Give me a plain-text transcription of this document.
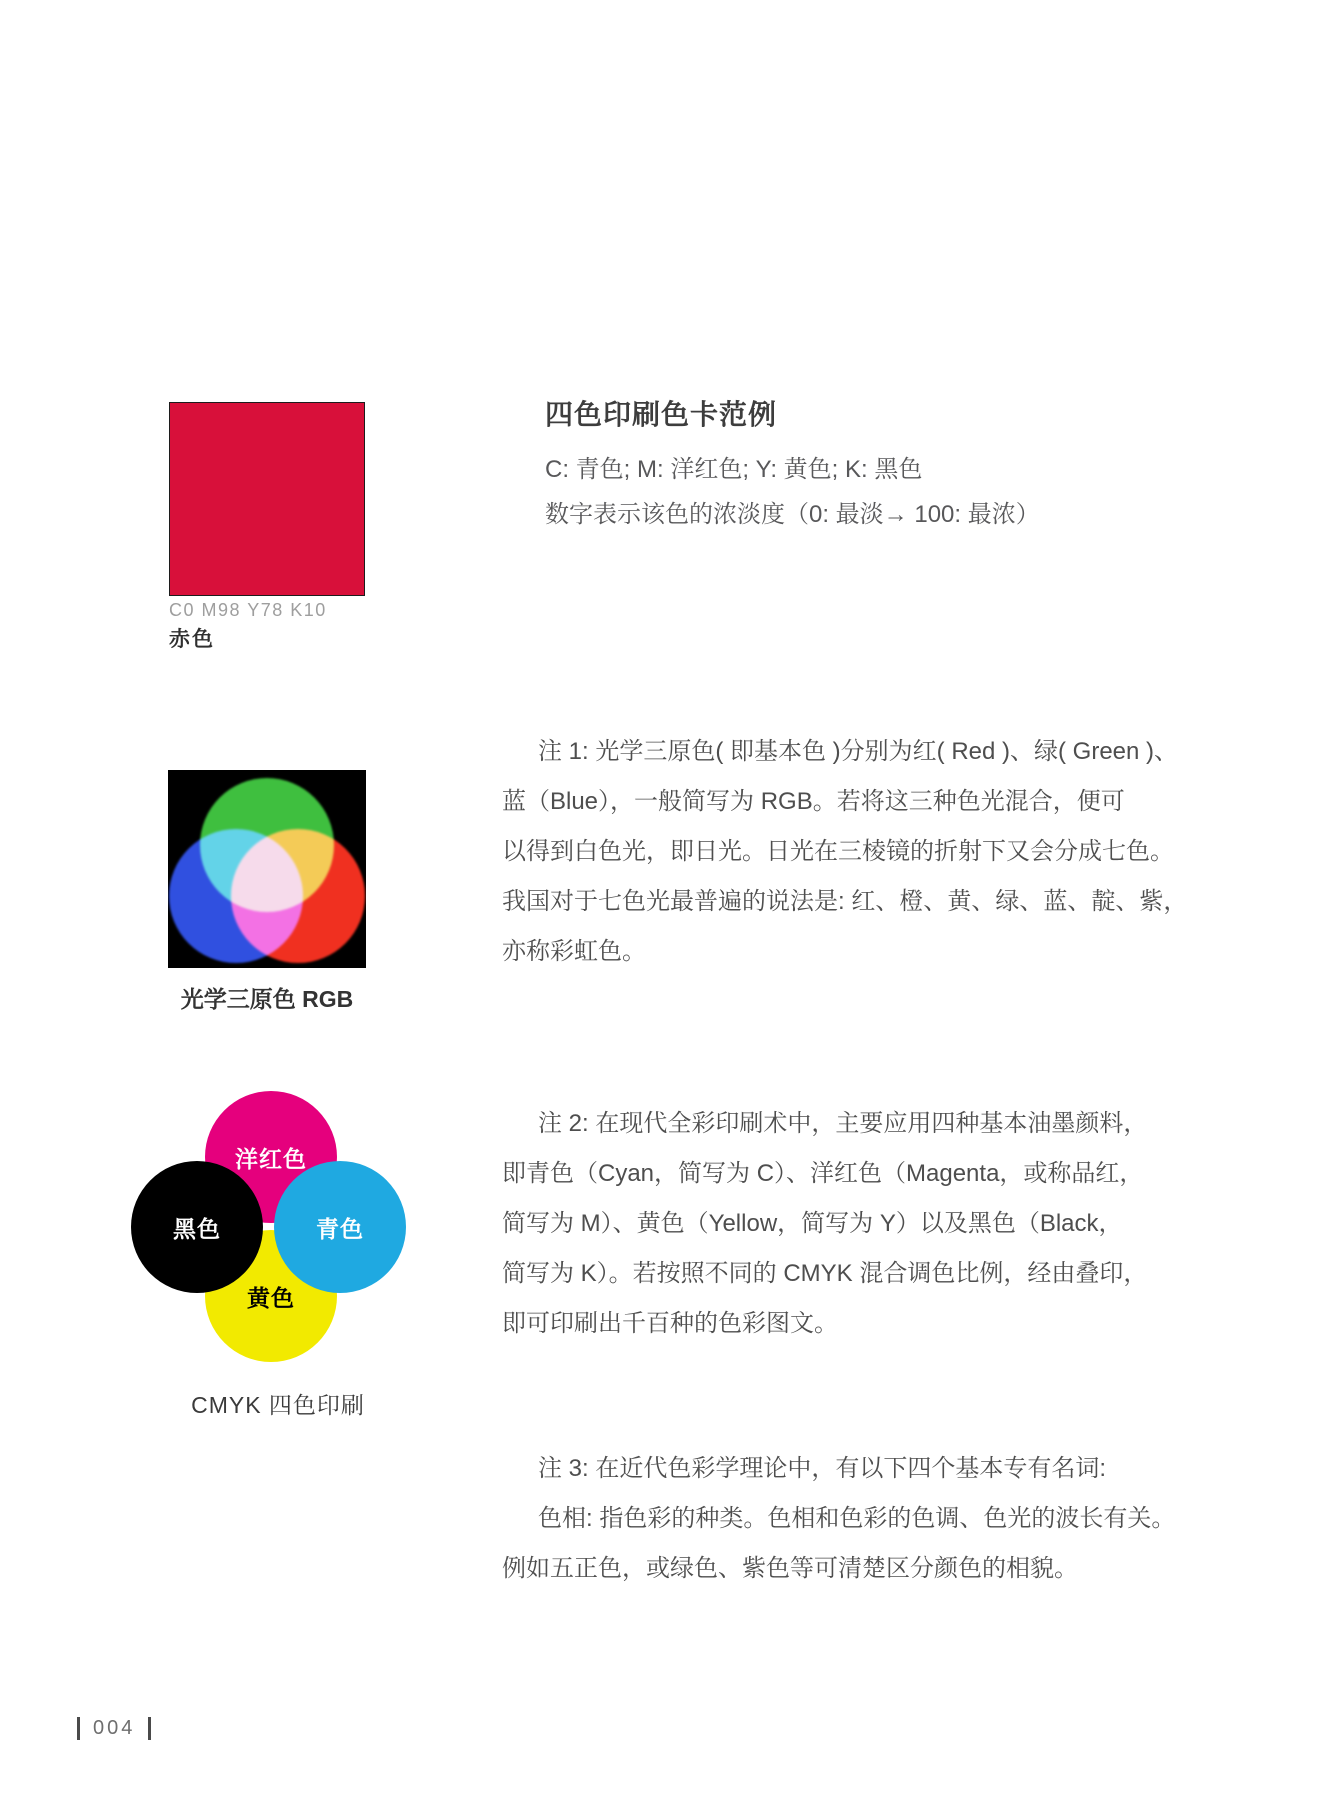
C0 M98 Y78 K10
赤色
四色印刷色卡范例
C: 青色; M: 洋红色; Y: 黄色; K: 黑色
数字表示该色的浓淡度（0: 最淡→ 100: 最浓）
光学三原色 RGB
洋红色
黑色	青色
黄色
CMYK 四色印刷
注 1: 光学三原色( 即基本色 )分别为红( Red )、绿( Green )、
蓝（Blue），一般简写为 RGB。若将这三种色光混合，便可
以得到白色光，即日光。日光在三棱镜的折射下又会分成七色。
我国对于七色光最普遍的说法是: 红、橙、黄、绿、蓝、靛、紫，
亦称彩虹色。
注 2: 在现代全彩印刷术中，主要应用四种基本油墨颜料，
即青色（Cyan，简写为 C）、洋红色（Magenta，或称品红，
简写为 M）、黄色（Yellow，简写为 Y）以及黑色（Black，
简写为 K）。若按照不同的 CMYK 混合调色比例，经由叠印，
即可印刷出千百种的色彩图文。
注 3: 在近代色彩学理论中，有以下四个基本专有名词:
色相: 指色彩的种类。色相和色彩的色调、色光的波长有关。
例如五正色，或绿色、紫色等可清楚区分颜色的相貌。
004
